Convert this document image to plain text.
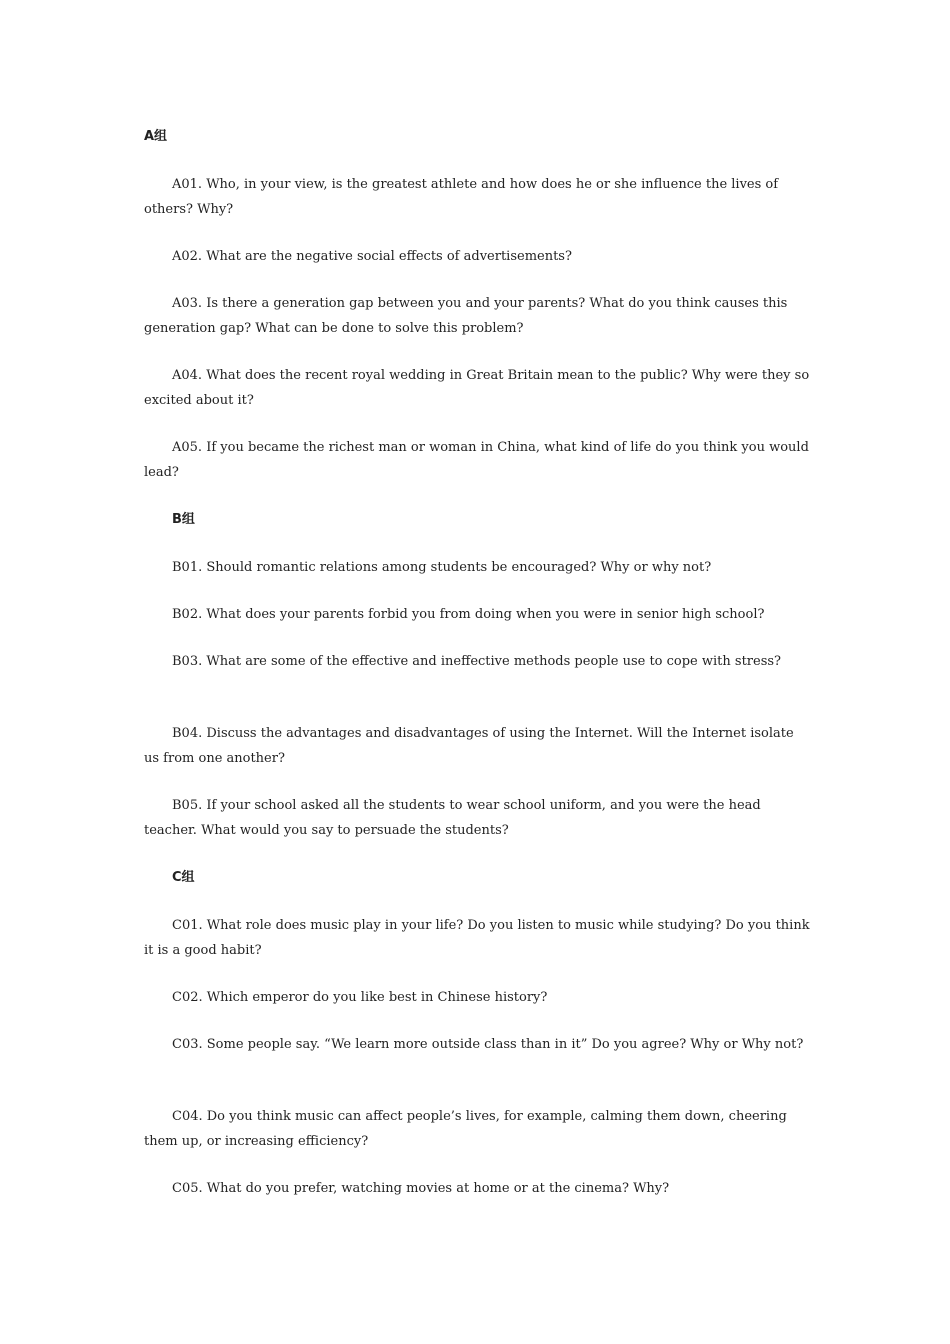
A组

A01. Who, in your view, is the greatest athlete and how does he or she influence the lives of others? Why?

A02. What are the negative social effects of advertisements?

A03. Is there a generation gap between you and your parents? What do you think causes this generation gap? What can be done to solve this problem?

A04. What does the recent royal wedding in Great Britain mean to the public? Why were they so excited about it?

A05. If you became the richest man or woman in China, what kind of life do you think you would lead?

B组

B01. Should romantic relations among students be encouraged? Why or why not?

B02. What does your parents forbid you from doing when you were in senior high school?

B03. What are some of the effective and ineffective methods people use to cope with stress?

B04. Discuss the advantages and disadvantages of using the Internet. Will the Internet isolate us from one another?

B05. If your school asked all the students to wear school uniform, and you were the head teacher. What would you say to persuade the students?

C组

C01. What role does music play in your life? Do you listen to music while studying? Do you think it is a good habit?

C02. Which emperor do you like best in Chinese history?

C03. Some people say. “We learn more outside class than in it” Do you agree? Why or Why not?

C04. Do you think music can affect people’s lives, for example, calming them down, cheering them up, or increasing efficiency?

C05. What do you prefer, watching movies at home or at the cinema? Why?
